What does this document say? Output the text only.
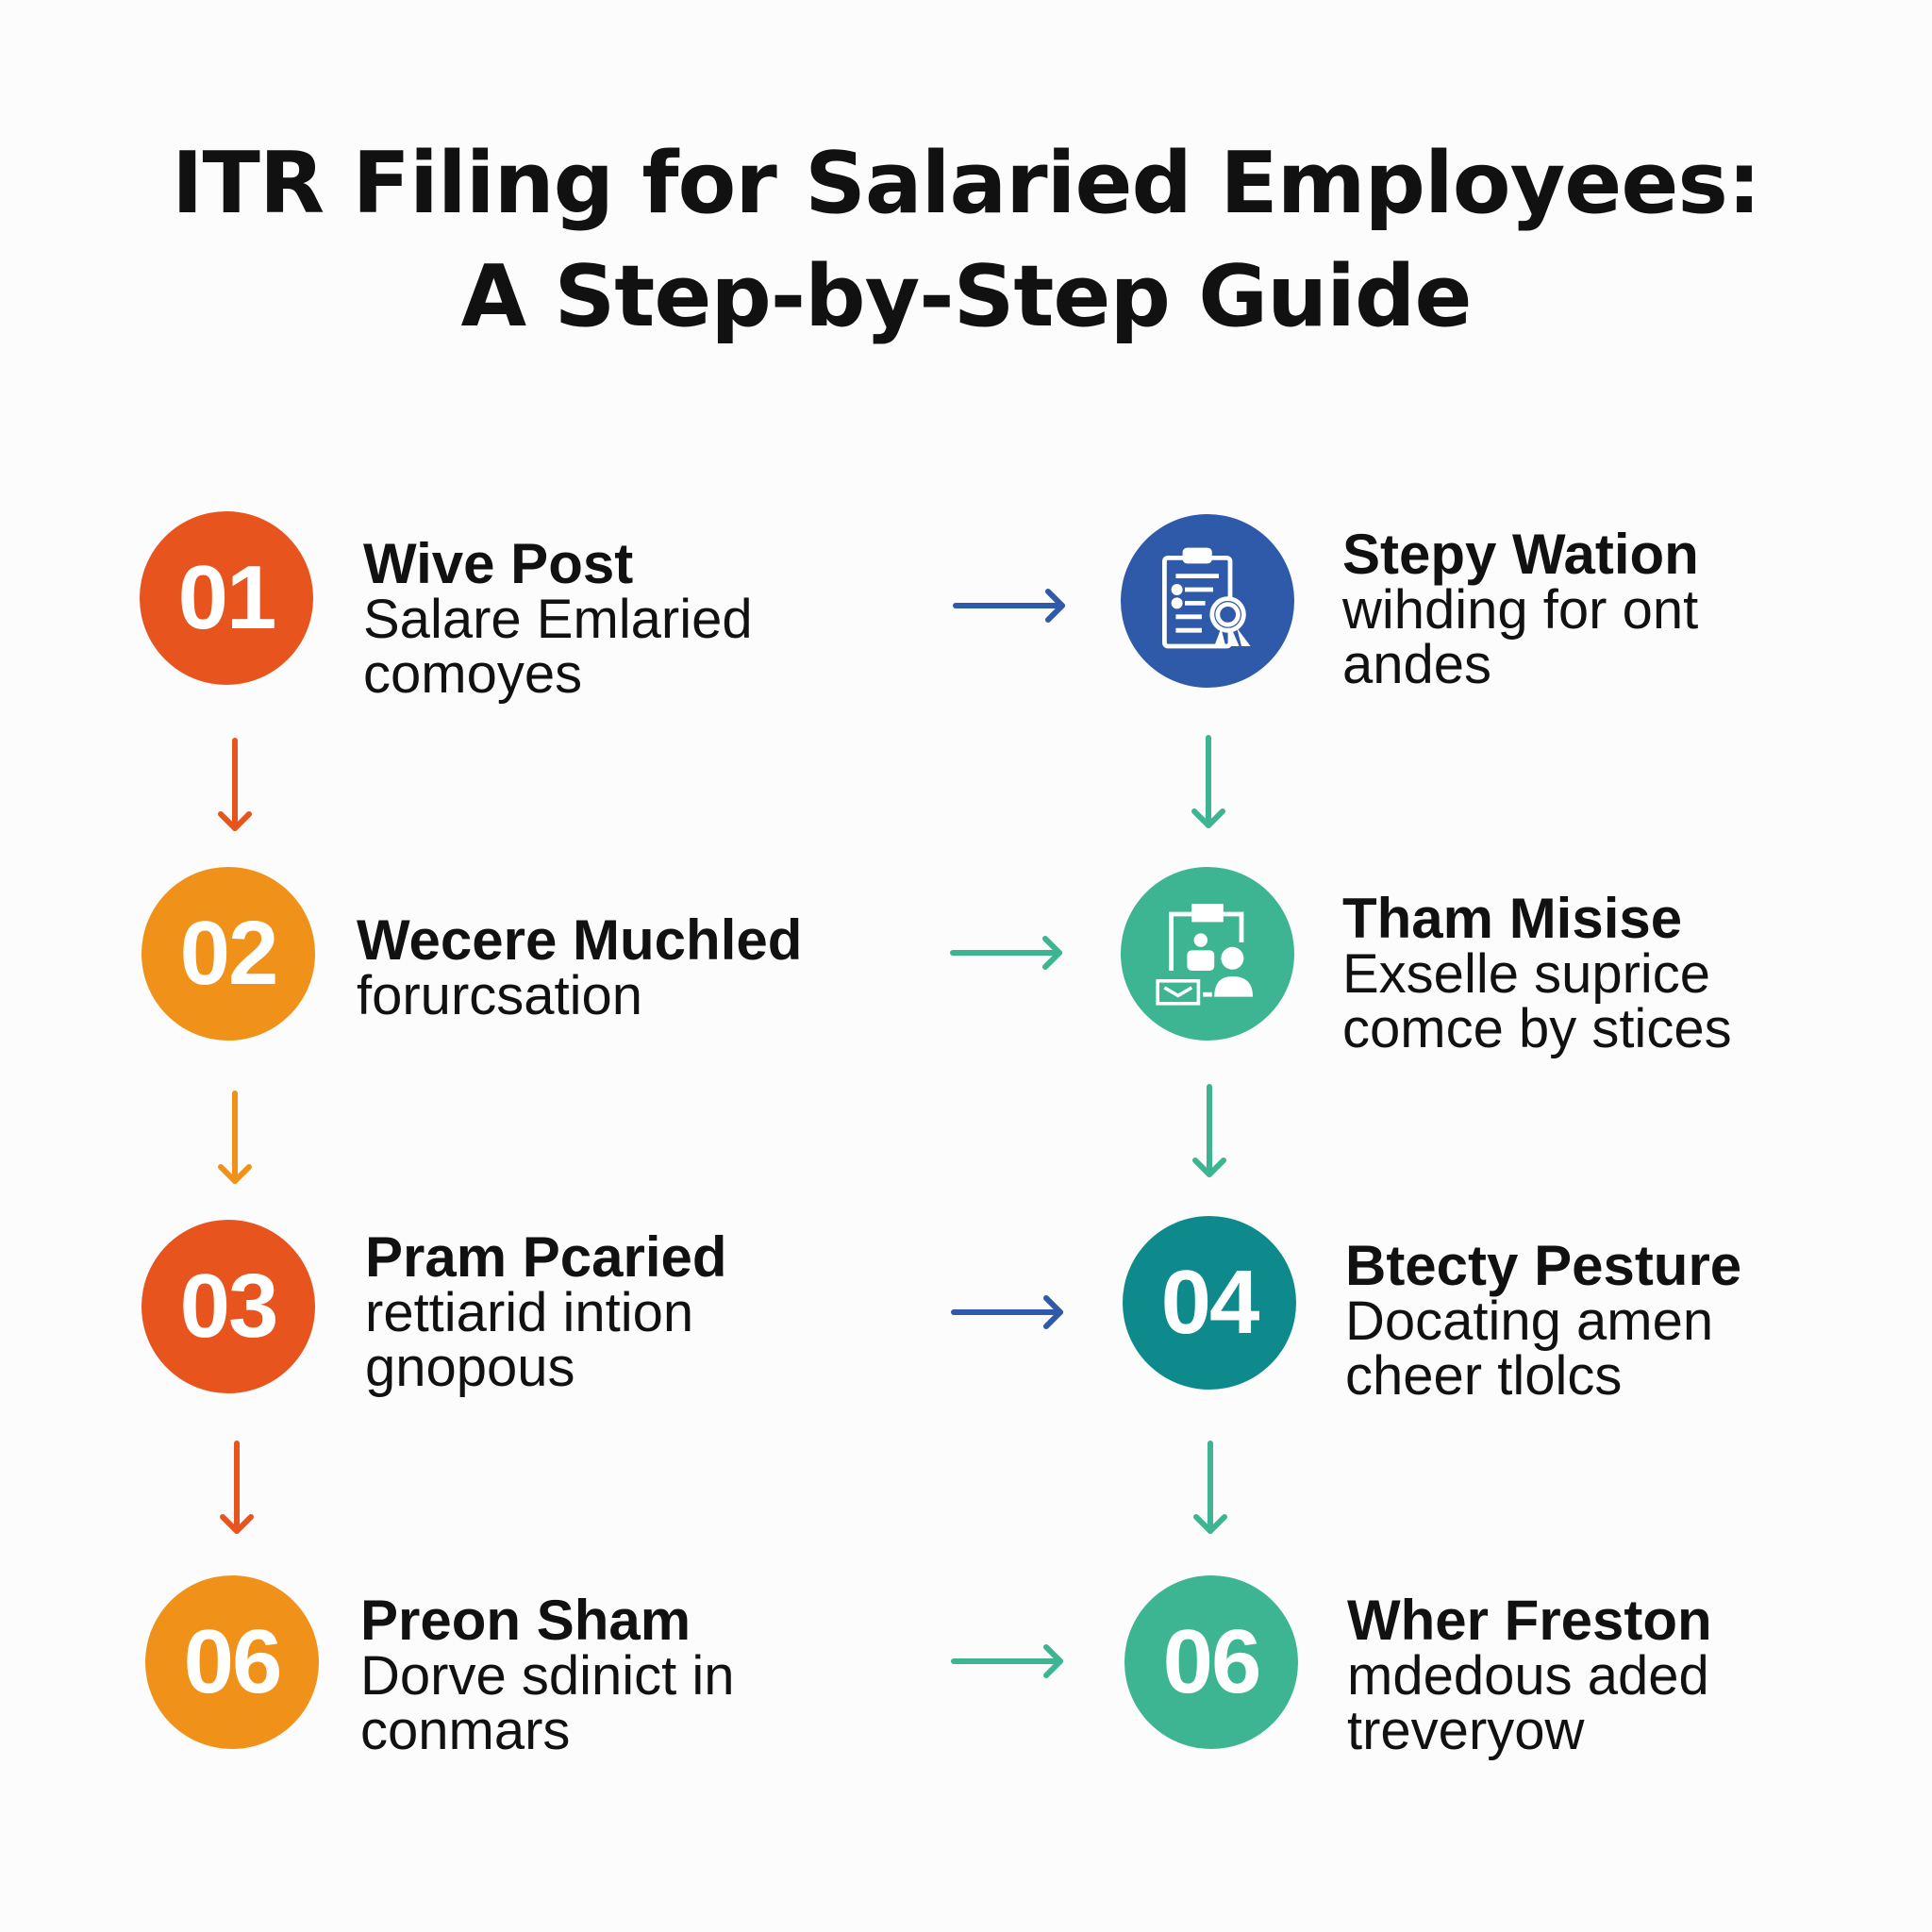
ITR Filing for Salaried Employees:
A Step-by-Step Guide
01
02
03
06
04
06
Wive Post
Salare Emlaried
comoyes
Stepy Wation
wihding for ont
andes
Wecere Muchled
forurcsation
Tham Misise
Exselle suprice
comce by stices
Pram Pcaried
rettiarid intion
gnopous
Btecty Pesture
Docating amen
cheer tlolcs
Preon Sham
Dorve sdinict in
conmars
Wher Freston
mdedous aded
treveryow
